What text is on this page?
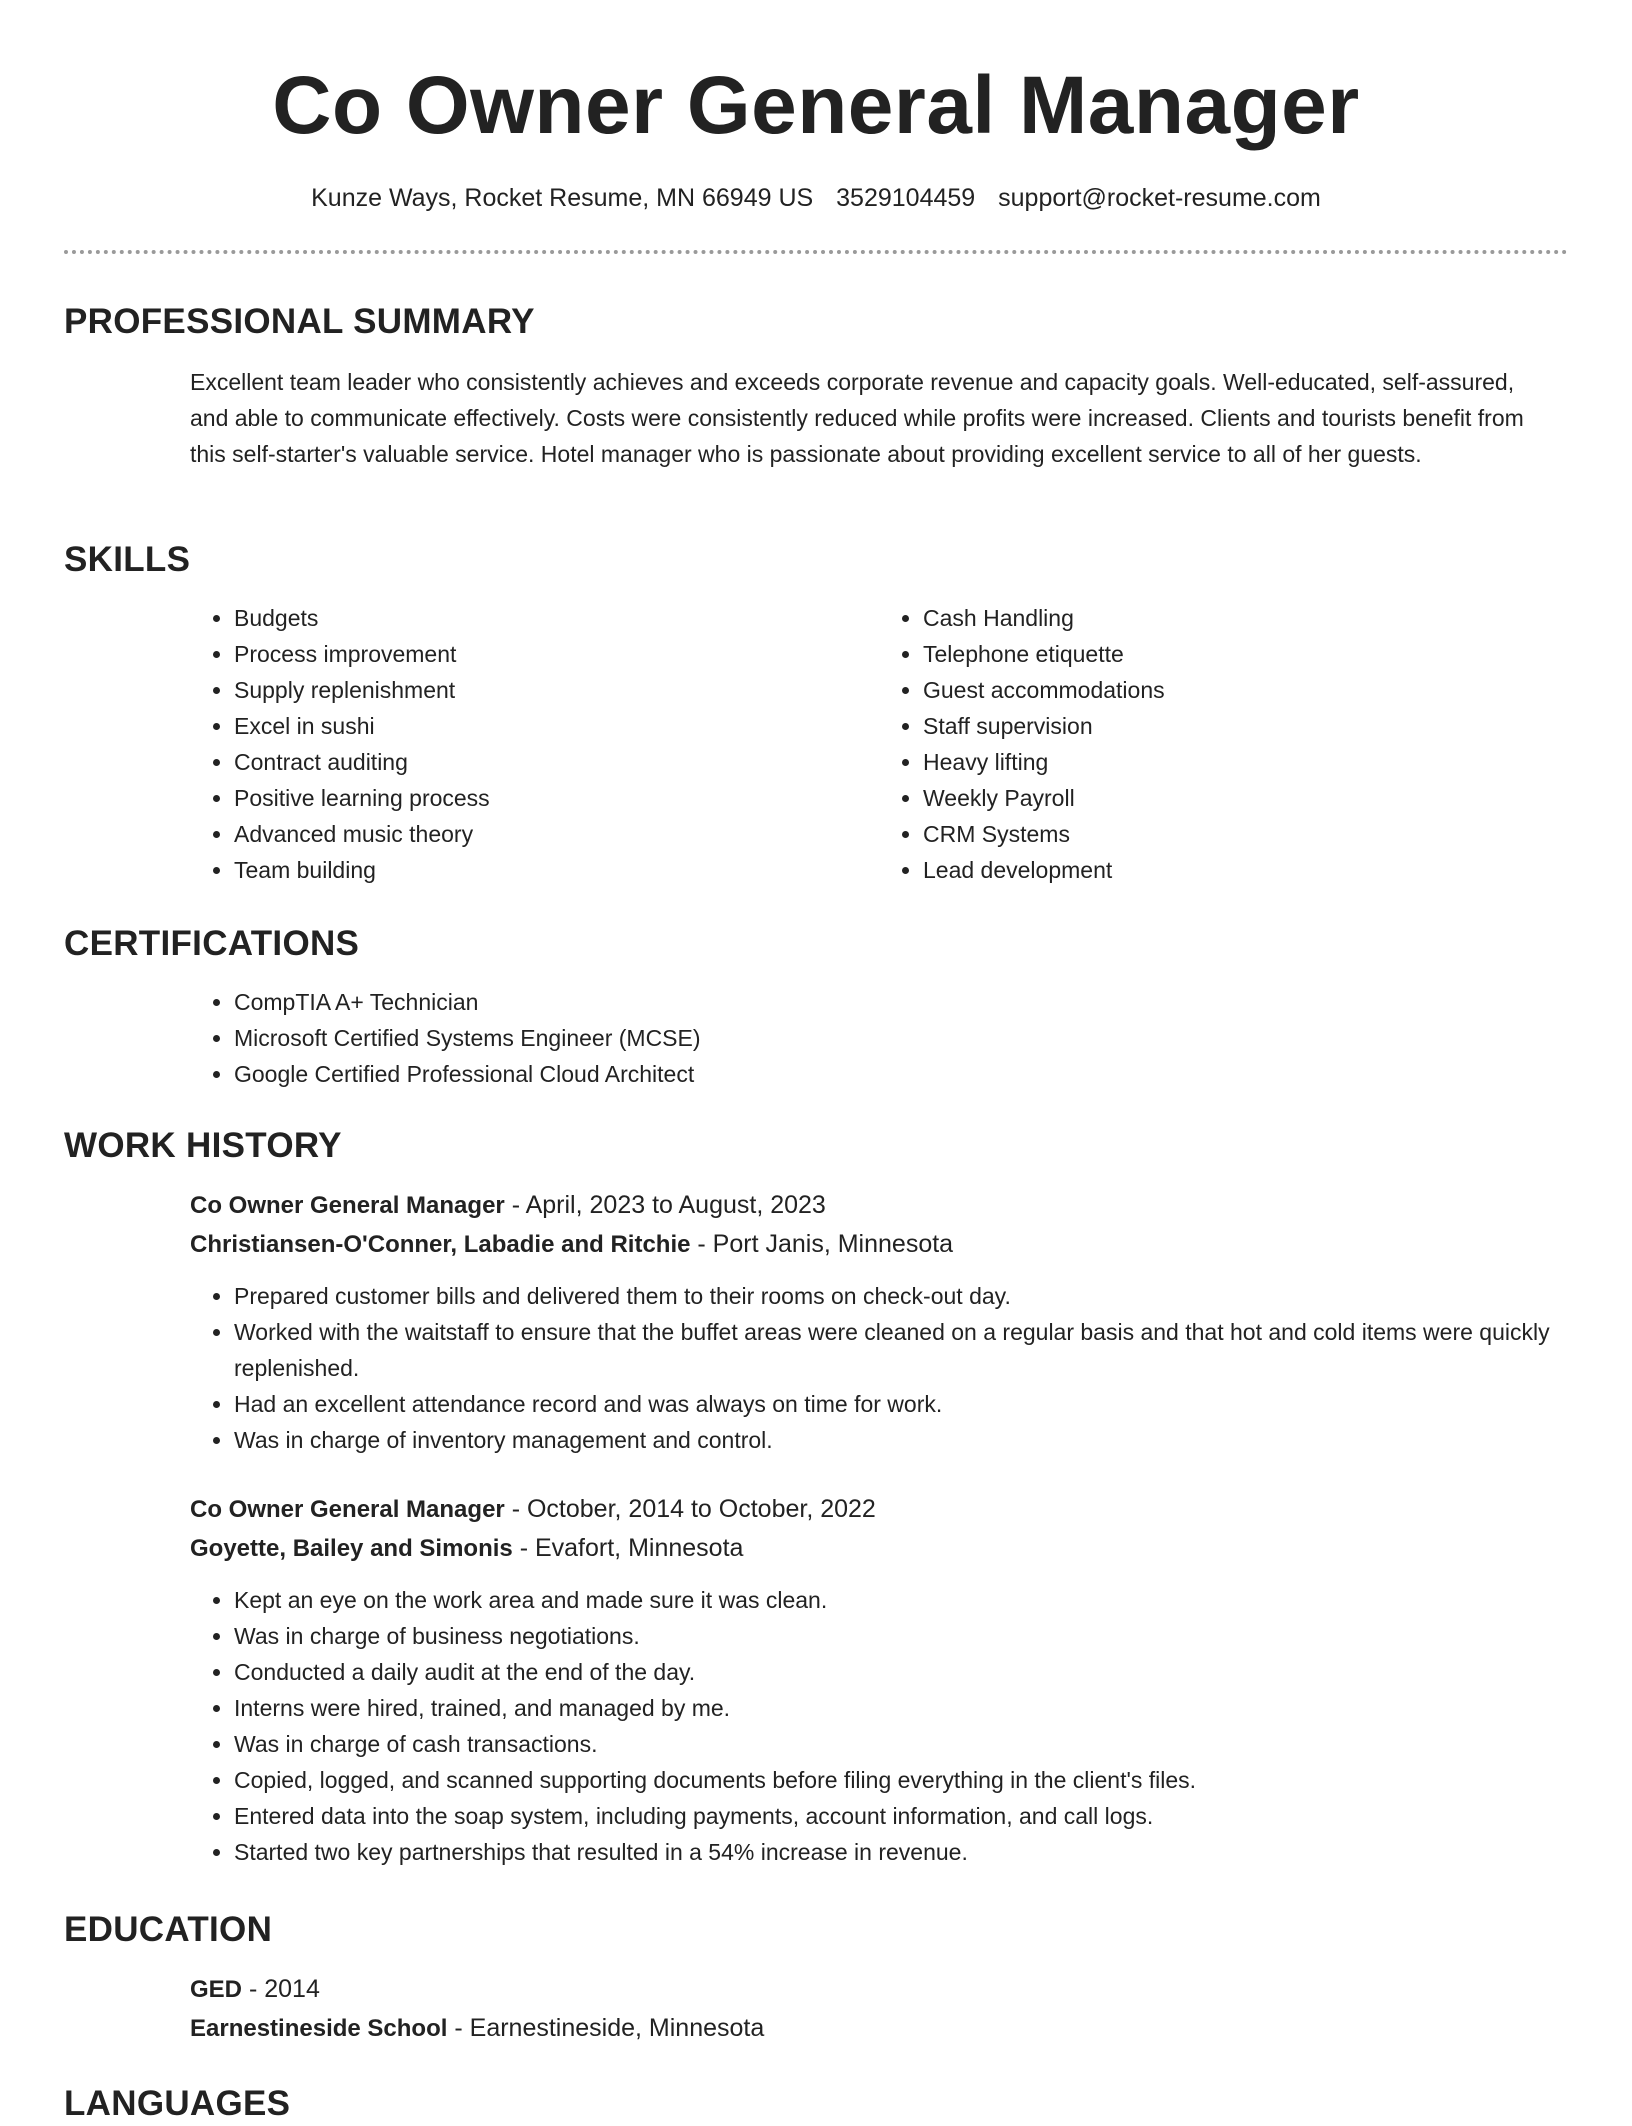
Co Owner General Manager
Kunze Ways, Rocket Resume, MN 66949 US 3529104459 support@rocket-resume.com
PROFESSIONAL SUMMARY

Excellent team leader who consistently achieves and exceeds corporate revenue and capacity goals. Well-educated, self-assured, and able to communicate effectively. Costs were consistently reduced while profits were increased. Clients and tourists benefit from this self-starter's valuable service. Hotel manager who is passionate about providing excellent service to all of her guests.

SKILLS
• Budgets
• Process improvement
• Supply replenishment
• Excel in sushi
• Contract auditing
• Positive learning process
• Advanced music theory
• Team building
• Cash Handling
• Telephone etiquette
• Guest accommodations
• Staff supervision
• Heavy lifting
• Weekly Payroll
• CRM Systems
• Lead development
CERTIFICATIONS
• CompTIA A+ Technician
• Microsoft Certified Systems Engineer (MCSE)
• Google Certified Professional Cloud Architect
WORK HISTORY
Co Owner General Manager - April, 2023 to August, 2023
Christiansen-O'Conner, Labadie and Ritchie - Port Janis, Minnesota
• Prepared customer bills and delivered them to their rooms on check-out day.
• Worked with the waitstaff to ensure that the buffet areas were cleaned on a regular basis and that hot and cold items were quickly replenished.
• Had an excellent attendance record and was always on time for work.
• Was in charge of inventory management and control.
Co Owner General Manager - October, 2014 to October, 2022
Goyette, Bailey and Simonis - Evafort, Minnesota
• Kept an eye on the work area and made sure it was clean.
• Was in charge of business negotiations.
• Conducted a daily audit at the end of the day.
• Interns were hired, trained, and managed by me.
• Was in charge of cash transactions.
• Copied, logged, and scanned supporting documents before filing everything in the client's files.
• Entered data into the soap system, including payments, account information, and call logs.
• Started two key partnerships that resulted in a 54% increase in revenue.
EDUCATION
GED - 2014
Earnestineside School - Earnestineside, Minnesota
LANGUAGES
